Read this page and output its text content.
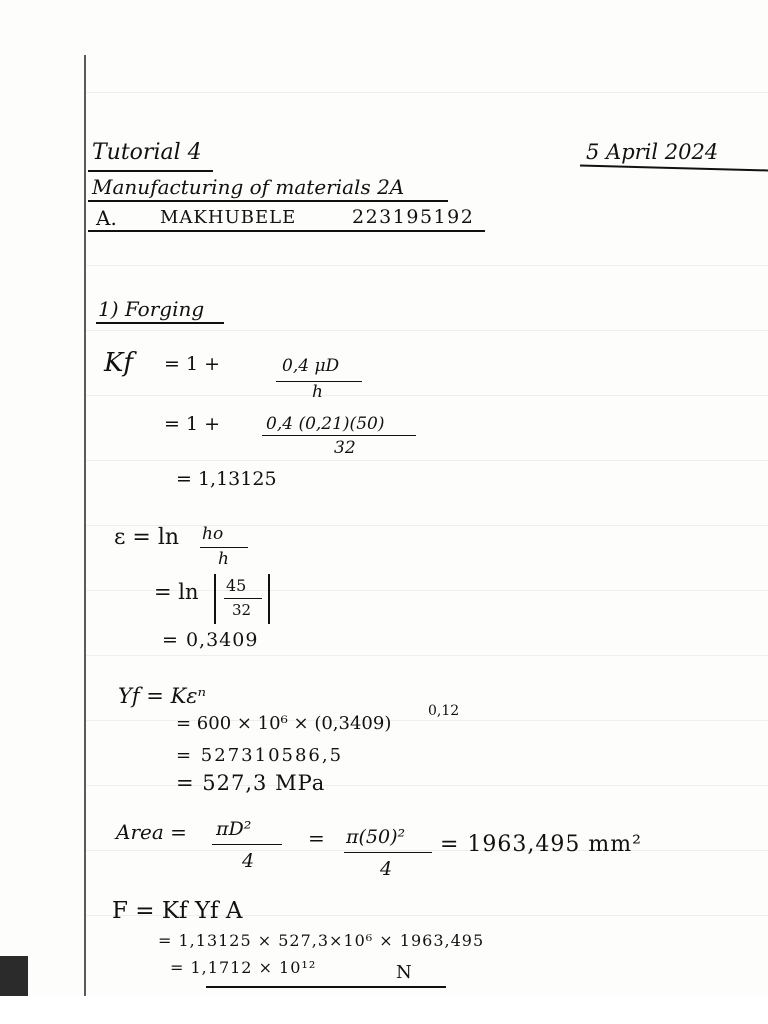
Tutorial 4	5 April 2024
Manufacturing of materials 2A
A. MAKHUBELE	223195192
1) Forging
Kf = 1 +	0,4 μD
h
= 1 +	0,4 (0,21)(50)
32
= 1,13125
ε = ln ho
h
= ln 45
32
= 0,3409
Yf = Kεⁿ
= 600 × 10⁶ × (0,3409)
0,12
= 527310586,5
= 527,3 MPa
Area = πD²
4
= π(50)²
4
= 1963,495 mm²
F = Kf Yf A
= 1,13125 × 527,3×10⁶ × 1963,495
= 1,1712 × 10¹²	N
